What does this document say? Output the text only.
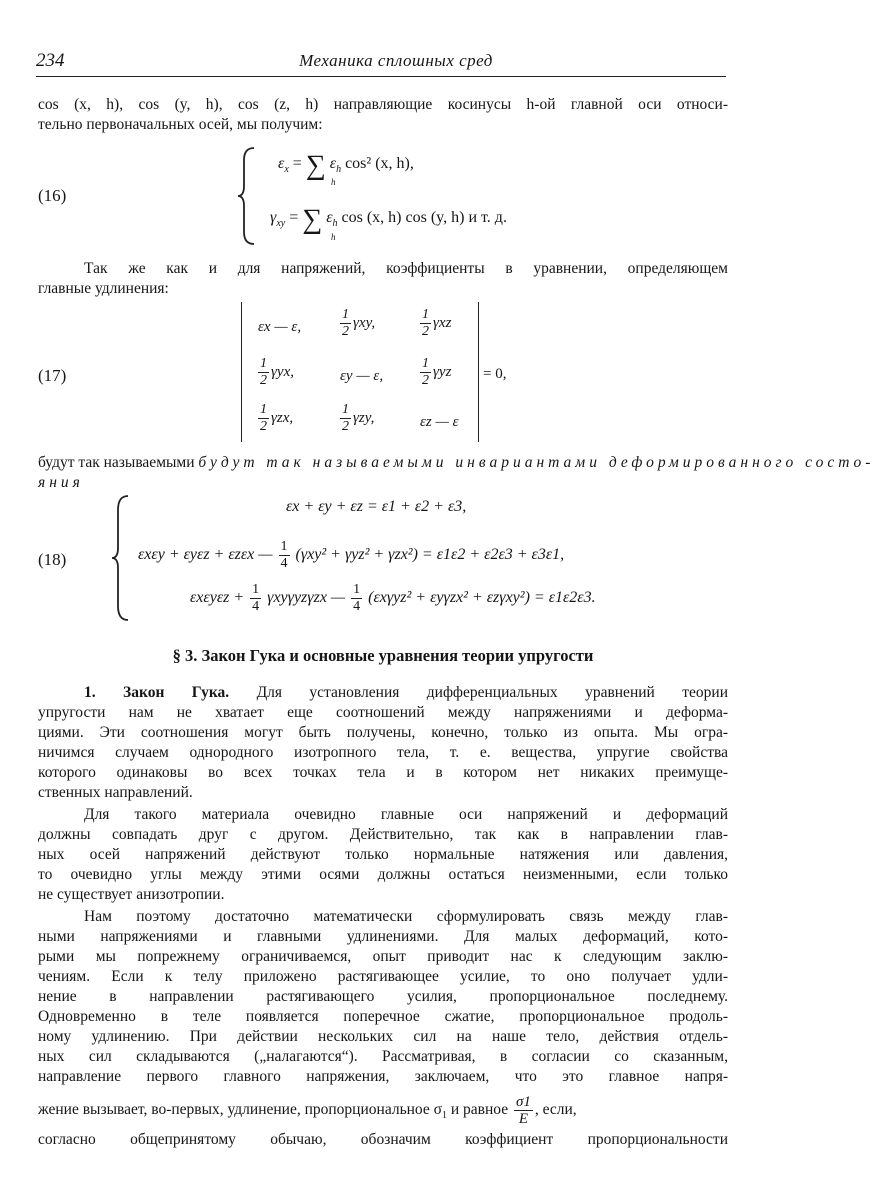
234	Механика сплошных сред
cos (x, h), cos (y, h), cos (z, h) направляющие косинусы h-ой главной оси относи-
тельно первоначальных осей, мы получим:
(16)
$\varepsilon_x$ = ∑ $\varepsilon_h$ cos² (x, h),
h
$\gamma_{xy}$ = ∑ $\varepsilon_h$ cos (x, h) cos (y, h) и т. д.
h
Так же как и для напряжений, коэффициенты в уравнении, определяющем
главные удлинения:
(17)
εx — ε,	$\frac{1}{2} \gamma xy$,	$\frac{1}{2}$ γxz
$\frac{1}{2} \gamma yx$,	εy — ε,	$\frac{1}{2}$ γyz
$\frac{1}{2} \gamma zx$,	$\frac{1}{2} \gamma zy$,	εz — ε
= 0,
будут так называемыми будут так называемыми инвариантами деформированного состо-
яния
(18)
εx + εy + εz = ε1 + ε2 + ε3,
εxεy + εyεz + εzεx — $\frac{1}{4} (\gamma xy^2 + \gamma yz^2 + \gamma zx^2) = \varepsilon 1\varepsilon 2 + \varepsilon 2\varepsilon 3 + \varepsilon 3\varepsilon 1$,
$\varepsilon x\varepsilon y\varepsilon z + \frac{1}{4}$ γxyγyzγzx — $\frac{1}{4} (\varepsilon x\gamma yz^2 + \varepsilon y\gamma zx^2 + \varepsilon z\gamma xy^2) = \varepsilon 1\varepsilon 2\varepsilon 3$.
§ 3. Закон Гука и основные уравнения теории упругости
1. Закон Гука. Для установления дифференциальных уравнений теории
упругости нам не хватает еще соотношений между напряжениями и деформа-
циями. Эти соотношения могут быть получены, конечно, только из опыта. Мы огра-
ничимся случаем однородного изотропного тела, т. е. вещества, упругие свойства
которого одинаковы во всех точках тела и в котором нет никаких преимуще-
ственных направлений.
Для такого материала очевидно главные оси напряжений и деформаций
должны совпадать друг с другом. Действительно, так как в направлении глав-
ных осей напряжений действуют только нормальные натяжения или давления,
то очевидно углы между этими осями должны остаться неизменными, если только
не существует анизотропии.
Нам поэтому достаточно математически сформулировать связь между глав-
ными напряжениями и главными удлинениями. Для малых деформаций, кото-
рыми мы попрежнему ограничиваемся, опыт приводит нас к следующим заклю-
чениям. Если к телу приложено растягивающее усилие, то оно получает удли-
нение в направлении растягивающего усилия, пропорциональное последнему.
Одновременно в теле появляется поперечное сжатие, пропорциональное продоль-
ному удлинению. При действии нескольких сил на наше тело, действия отдель-
ных сил складываются („налагаются“). Рассматривая, в согласии со сказанным,
направление первого главного напряжения, заключаем, что это главное напря-
жение вызывает, во-первых, удлинение, пропорциональное $\sigma_1$ и равное $\frac{\sigma 1}{E}$ , если,
согласно общепринятому обычаю, обозначим коэффициент пропорциональности
